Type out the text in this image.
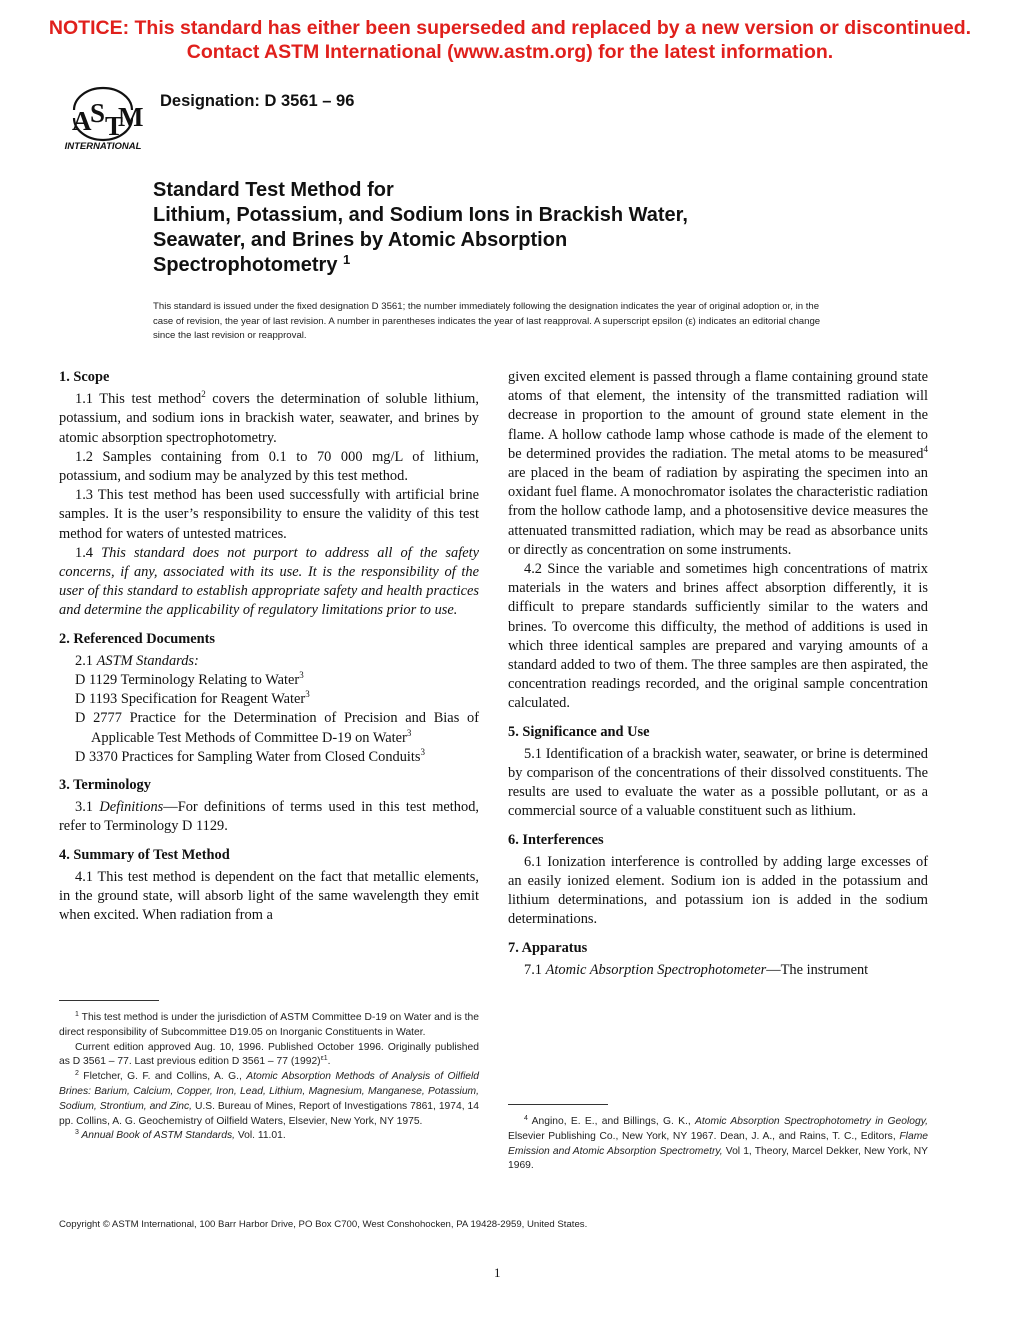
NOTICE: This standard has either been superseded and replaced by a new version or discontinued.
Contact ASTM International (www.astm.org) for the latest information.
A
S T
M
INTERNATIONAL
Designation: D 3561 – 96
Standard Test Method for
Lithium, Potassium, and Sodium Ions in Brackish Water,
Seawater, and Brines by Atomic Absorption
Spectrophotometry $^1$
This standard is issued under the fixed designation D 3561; the number immediately following the designation indicates the year of original adoption or, in the case of revision, the year of last revision. A number in parentheses indicates the year of last reapproval. A superscript epsilon (ε) indicates an editorial change since the last revision or reapproval.

1. Scope

1.1 This test method$^2$ covers the determination of soluble lithium, potassium, and sodium ions in brackish water, seawater, and brines by atomic absorption spectrophotometry.

1.2 Samples containing from 0.1 to 70 000 mg/L of lithium, potassium, and sodium may be analyzed by this test method.

1.3 This test method has been used successfully with artificial brine samples. It is the user’s responsibility to ensure the validity of this test method for waters of untested matrices.

1.4 This standard does not purport to address all of the safety concerns, if any, associated with its use. It is the responsibility of the user of this standard to establish appropriate safety and health practices and determine the applicability of regulatory limitations prior to use.

2. Referenced Documents

2.1 ASTM Standards:

D 1129 Terminology Relating to Water$^3$

D 1193 Specification for Reagent Water$^3$

D 2777 Practice for the Determination of Precision and Bias of Applicable Test Methods of Committee D-19 on Water$^3$

D 3370 Practices for Sampling Water from Closed Conduits$^3$

3. Terminology

3.1 Definitions—For definitions of terms used in this test method, refer to Terminology D 1129.

4. Summary of Test Method

4.1 This test method is dependent on the fact that metallic elements, in the ground state, will absorb light of the same wavelength they emit when excited. When radiation from a

$^1$ This test method is under the jurisdiction of ASTM Committee D-19 on Water and is the direct responsibility of Subcommittee D19.05 on Inorganic Constituents in Water.

Current edition approved Aug. 10, 1996. Published October 1996. Originally published as D 3561 – 77. Last previous edition D 3561 – 77 $(1992)^{\varepsilon 1}$.

$^2$ Fletcher, G. F. and Collins, A. G., Atomic Absorption Methods of Analysis of Oilfield Brines: Barium, Calcium, Copper, Iron, Lead, Lithium, Magnesium, Manganese, Potassium, Sodium, Strontium, and Zinc, U.S. Bureau of Mines, Report of Investigations 7861, 1974, 14 pp. Collins, A. G. Geochemistry of Oilfield Waters, Elsevier, New York, NY 1975.

$^3$ Annual Book of ASTM Standards, Vol. 11.01.

given excited element is passed through a flame containing ground state atoms of that element, the intensity of the transmitted radiation will decrease in proportion to the amount of ground state element in the flame. A hollow cathode lamp whose cathode is made of the element to be determined provides the radiation. The metal atoms to be measured$^4$ are placed in the beam of radiation by aspirating the specimen into an oxidant fuel flame. A monochromator isolates the characteristic radiation from the hollow cathode lamp, and a photosensitive device measures the attenuated transmitted radiation, which may be read as absorbance units or directly as concentration on some instruments.

4.2 Since the variable and sometimes high concentrations of matrix materials in the waters and brines affect absorption differently, it is difficult to prepare standards sufficiently similar to the waters and brines. To overcome this difficulty, the method of additions is used in which three identical samples are prepared and varying amounts of a standard added to two of them. The three samples are then aspirated, the concentration readings recorded, and the original sample concentration calculated.

5. Significance and Use

5.1 Identification of a brackish water, seawater, or brine is determined by comparison of the concentrations of their dissolved constituents. The results are used to evaluate the water as a possible pollutant, or as a commercial source of a valuable constituent such as lithium.

6. Interferences

6.1 Ionization interference is controlled by adding large excesses of an easily ionized element. Sodium ion is added in the potassium and lithium determinations, and potassium ion is added in the sodium determinations.

7. Apparatus

7.1 Atomic Absorption Spectrophotometer—The instrument

$^4$ Angino, E. E., and Billings, G. K., Atomic Absorption Spectrophotometry in Geology, Elsevier Publishing Co., New York, NY 1967. Dean, J. A., and Rains, T. C., Editors, Flame Emission and Atomic Absorption Spectrometry, Vol 1, Theory, Marcel Dekker, New York, NY 1969.

Copyright © ASTM International, 100 Barr Harbor Drive, PO Box C700, West Conshohocken, PA 19428-2959, United States.
1
